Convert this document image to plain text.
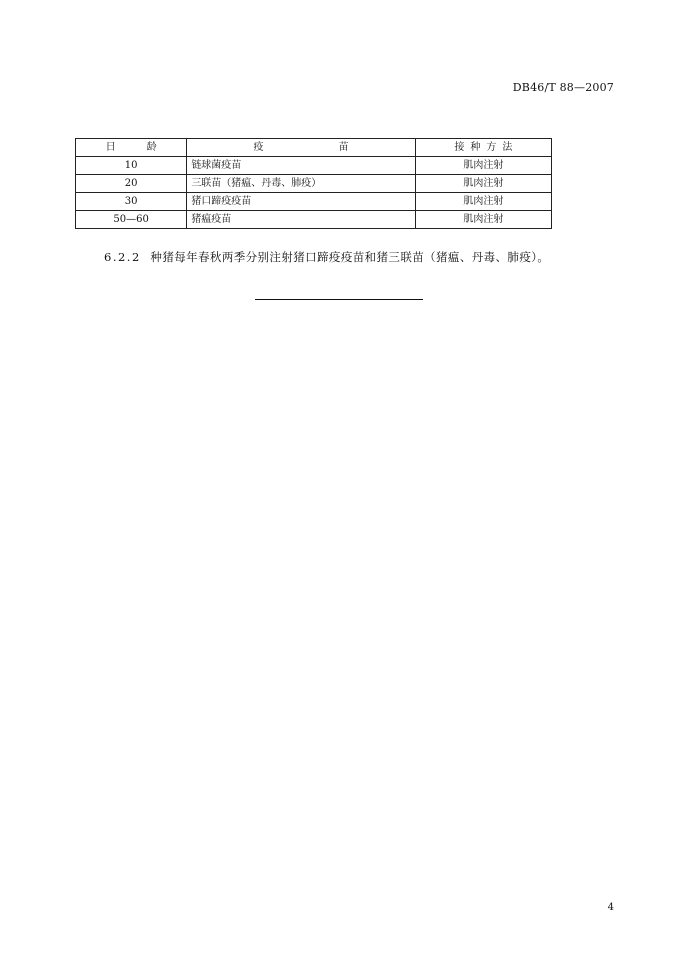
DB46/T 88—2007
日 龄	疫 苗	接种方法
10	链球菌疫苗	肌肉注射
20	三联苗（猪瘟、丹毒、肺疫）	肌肉注射
30	猪口蹄疫疫苗	肌肉注射
50—60	猪瘟疫苗	肌肉注射
6.2.2 种猪每年春秋两季分别注射猪口蹄疫疫苗和猪三联苗（猪瘟、丹毒、肺疫）。
4
